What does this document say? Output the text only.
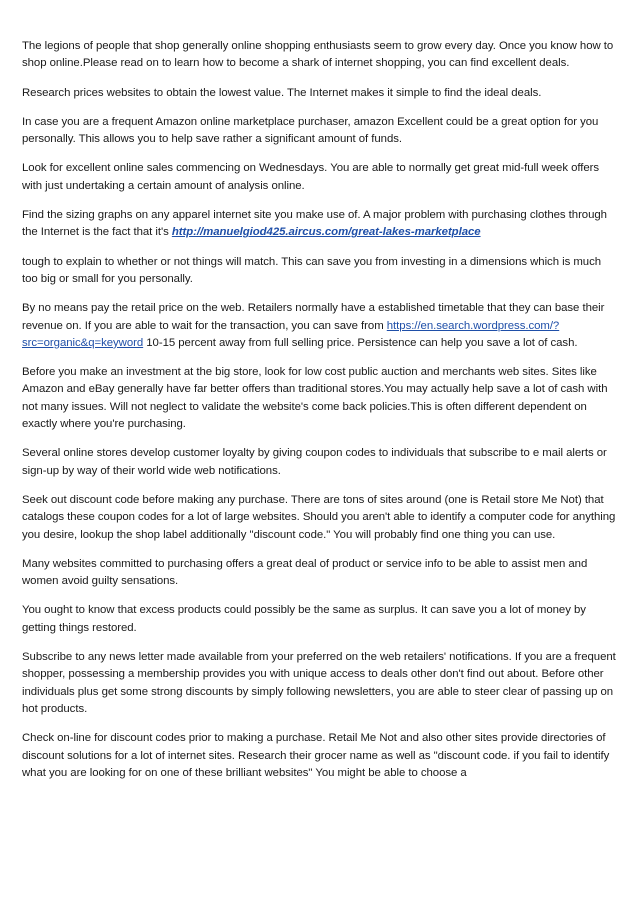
The legions of people that shop generally online shopping enthusiasts seem to grow every day. Once you know how to shop online.Please read on to learn how to become a shark of internet shopping, you can find excellent deals.

Research prices websites to obtain the lowest value. The Internet makes it simple to find the ideal deals.

In case you are a frequent Amazon online marketplace purchaser, amazon Excellent could be a great option for you personally. This allows you to help save rather a significant amount of funds.

Look for excellent online sales commencing on Wednesdays. You are able to normally get great mid-full week offers with just undertaking a certain amount of analysis online.

Find the sizing graphs on any apparel internet site you make use of. A major problem with purchasing clothes through the Internet is the fact that it's http://manuelgiod425.aircus.com/great-lakes-marketplace

tough to explain to whether or not things will match. This can save you from investing in a dimensions which is much too big or small for you personally.

By no means pay the retail price on the web. Retailers normally have a established timetable that they can base their revenue on. If you are able to wait for the transaction, you can save from https://en.search.wordpress.com/?src=organic&q=keyword 10-15 percent away from full selling price. Persistence can help you save a lot of cash.

Before you make an investment at the big store, look for low cost public auction and merchants web sites. Sites like Amazon and eBay generally have far better offers than traditional stores.You may actually help save a lot of cash with not many issues. Will not neglect to validate the website's come back policies.This is often different dependent on exactly where you're purchasing.

Several online stores develop customer loyalty by giving coupon codes to individuals that subscribe to e mail alerts or sign-up by way of their world wide web notifications.

Seek out discount code before making any purchase. There are tons of sites around (one is Retail store Me Not) that catalogs these coupon codes for a lot of large websites. Should you aren't able to identify a computer code for anything you desire, lookup the shop label additionally "discount code." You will probably find one thing you can use.

Many websites committed to purchasing offers a great deal of product or service info to be able to assist men and women avoid guilty sensations.

You ought to know that excess products could possibly be the same as surplus. It can save you a lot of money by getting things restored.

Subscribe to any news letter made available from your preferred on the web retailers' notifications. If you are a frequent shopper, possessing a membership provides you with unique access to deals other don't find out about. Before other individuals plus get some strong discounts by simply following newsletters, you are able to steer clear of passing up on hot products.

Check on-line for discount codes prior to making a purchase. Retail Me Not and also other sites provide directories of discount solutions for a lot of internet sites. Research their grocer name as well as "discount code. if you fail to identify what you are looking for on one of these brilliant websites" You might be able to choose a
